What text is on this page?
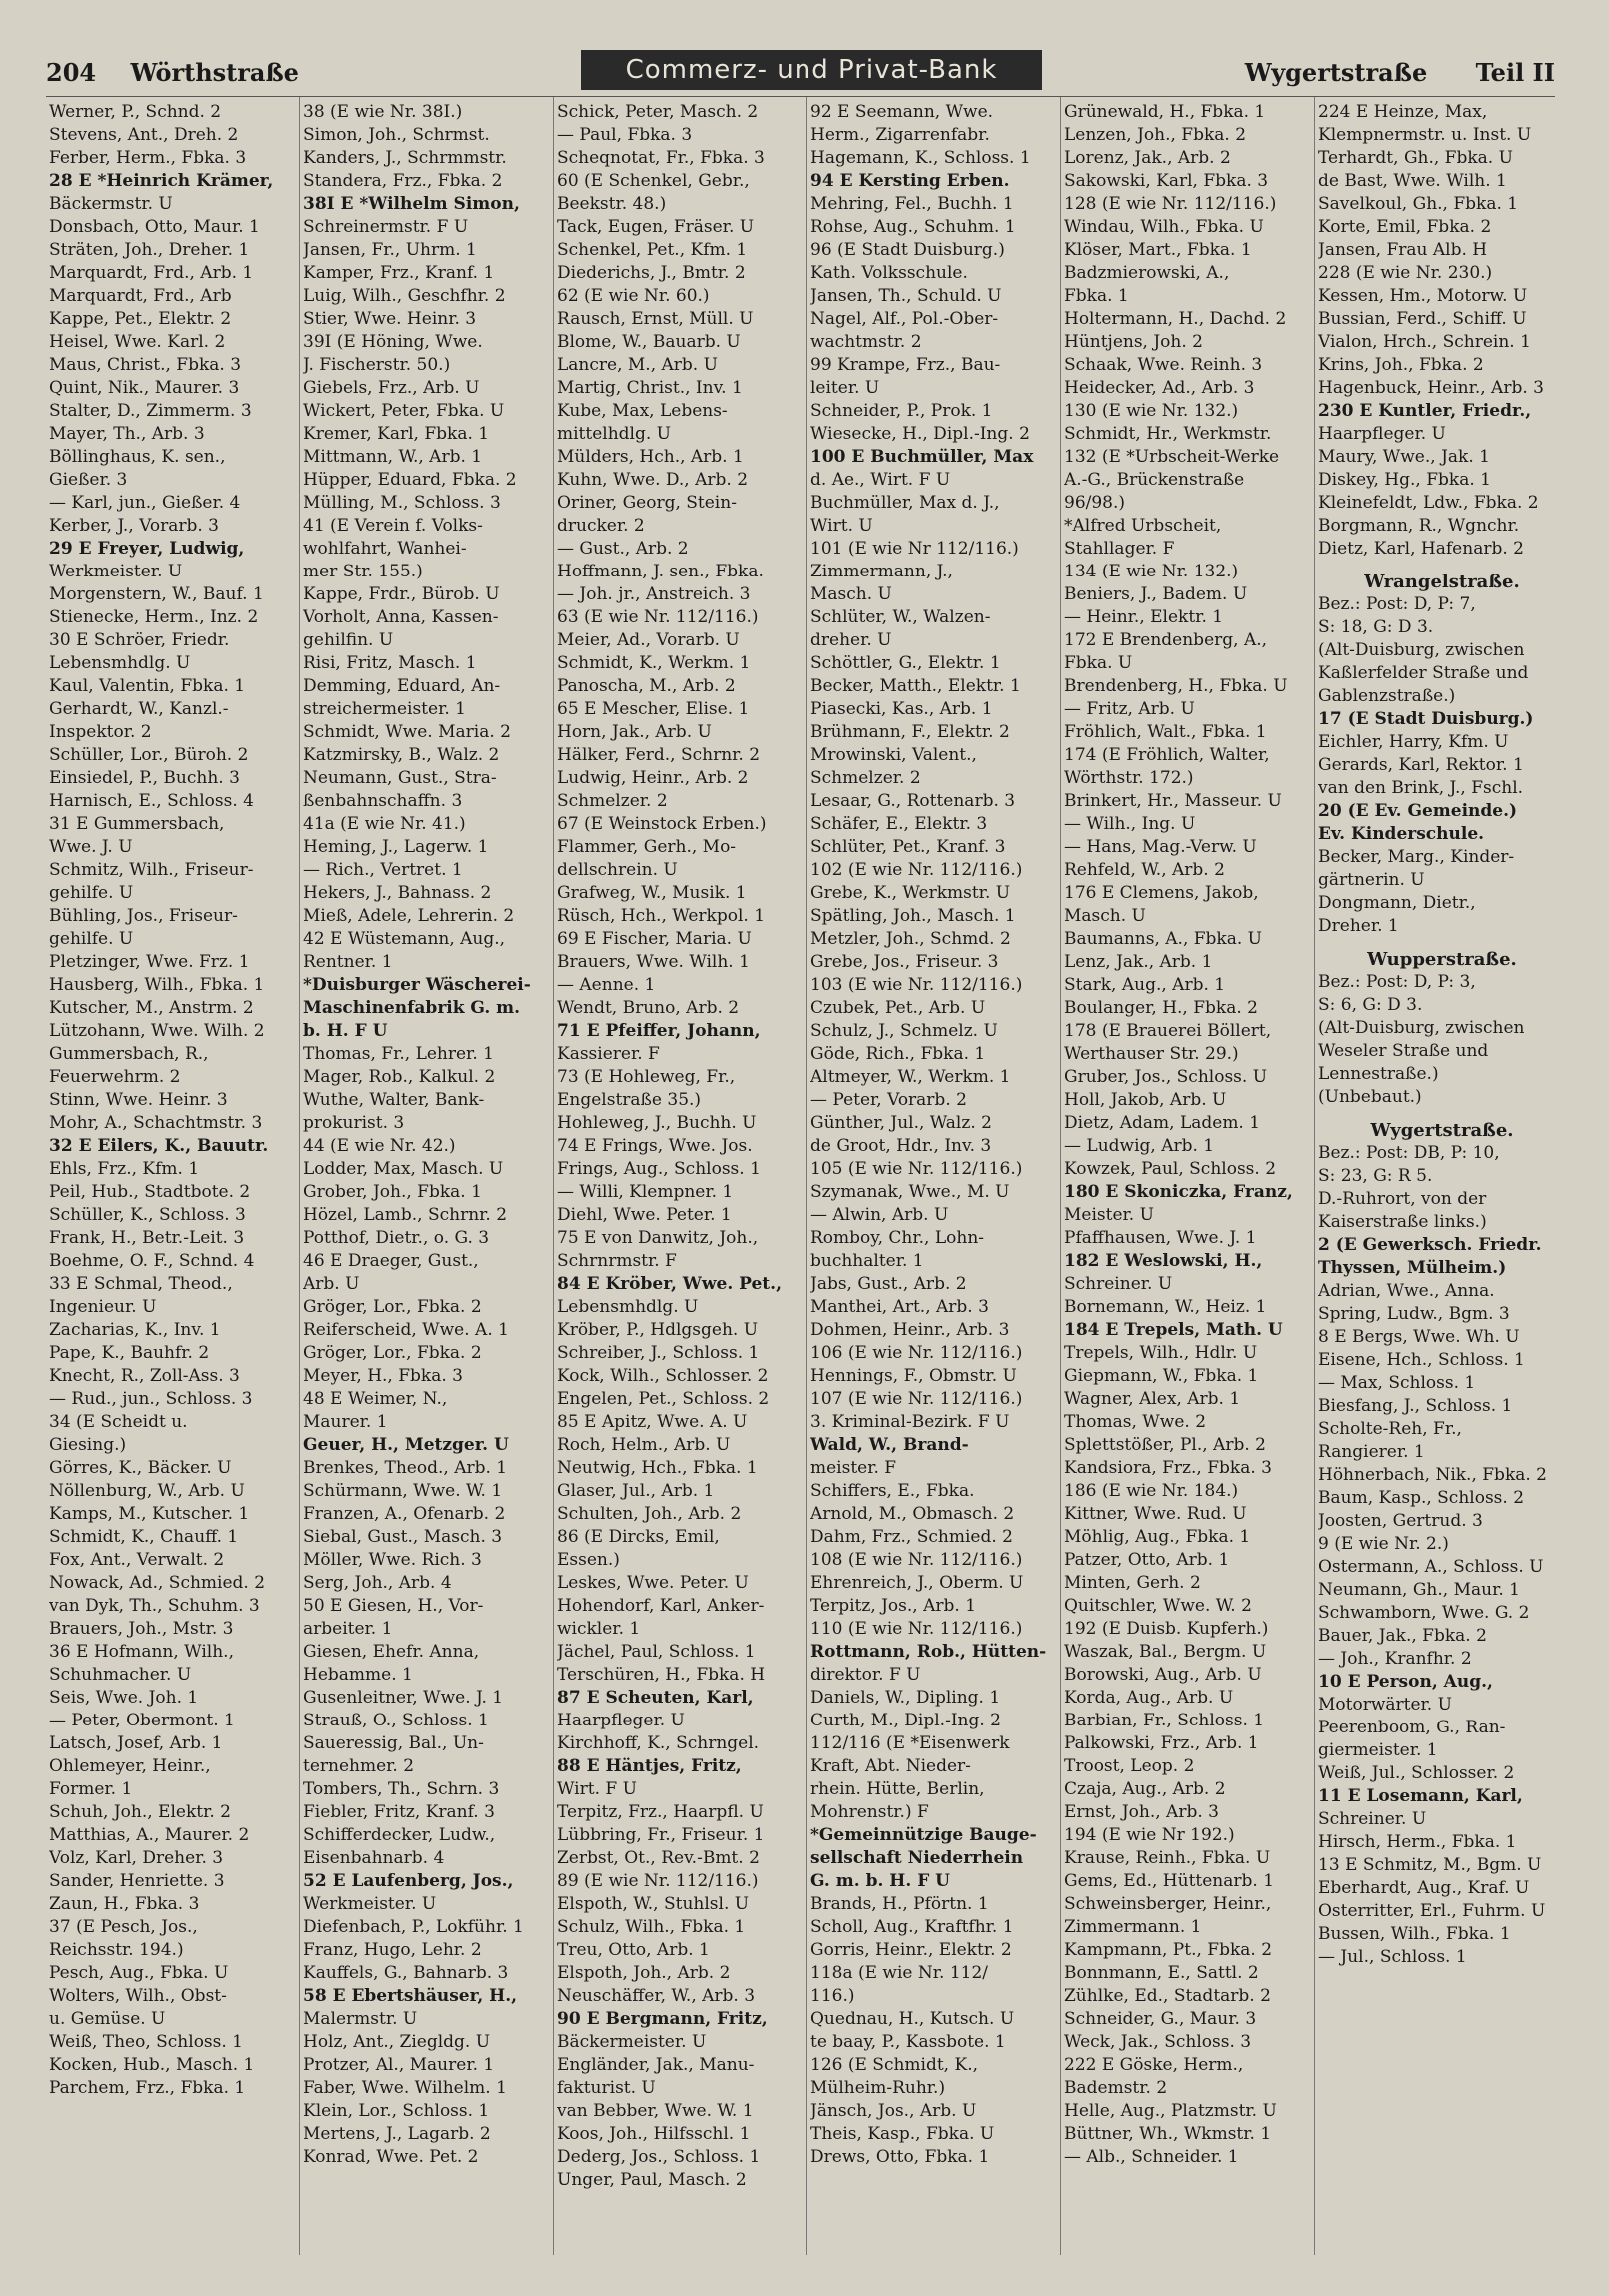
204 Wörthstraße	Commerz- und Privat-Bank	Wygertstraße Teil II
Werner, P., Schnd. 2
Stevens, Ant., Dreh. 2
Ferber, Herm., Fbka. 3
28 E *Heinrich Krämer,
Bäckermstr. U
Donsbach, Otto, Maur. 1
Sträten, Joh., Dreher. 1
Marquardt, Frd., Arb. 1
Marquardt, Frd., Arb
Kappe, Pet., Elektr. 2
Heisel, Wwe. Karl. 2
Maus, Christ., Fbka. 3
Quint, Nik., Maurer. 3
Stalter, D., Zimmerm. 3
Mayer, Th., Arb. 3
Böllinghaus, K. sen.,
Gießer. 3
— Karl, jun., Gießer. 4
Kerber, J., Vorarb. 3
29 E Freyer, Ludwig,
Werkmeister. U
Morgenstern, W., Bauf. 1
Stienecke, Herm., Inz. 2
30 E Schröer, Friedr.
Lebensmhdlg. U
Kaul, Valentin, Fbka. 1
Gerhardt, W., Kanzl.-
Inspektor. 2
Schüller, Lor., Büroh. 2
Einsiedel, P., Buchh. 3
Harnisch, E., Schloss. 4
31 E Gummersbach,
Wwe. J. U
Schmitz, Wilh., Friseur-
gehilfe. U
Bühling, Jos., Friseur-
gehilfe. U
Pletzinger, Wwe. Frz. 1
Hausberg, Wilh., Fbka. 1
Kutscher, M., Anstrm. 2
Lützohann, Wwe. Wilh. 2
Gummersbach, R.,
Feuerwehrm. 2
Stinn, Wwe. Heinr. 3
Mohr, A., Schachtmstr. 3
32 E Eilers, K., Bauutr.
Ehls, Frz., Kfm. 1
Peil, Hub., Stadtbote. 2
Schüller, K., Schloss. 3
Frank, H., Betr.-Leit. 3
Boehme, O. F., Schnd. 4
33 E Schmal, Theod.,
Ingenieur. U
Zacharias, K., Inv. 1
Pape, K., Bauhfr. 2
Knecht, R., Zoll-Ass. 3
— Rud., jun., Schloss. 3
34 (E Scheidt u.
Giesing.)
Görres, K., Bäcker. U
Nöllenburg, W., Arb. U
Kamps, M., Kutscher. 1
Schmidt, K., Chauff. 1
Fox, Ant., Verwalt. 2
Nowack, Ad., Schmied. 2
van Dyk, Th., Schuhm. 3
Brauers, Joh., Mstr. 3
36 E Hofmann, Wilh.,
Schuhmacher. U
Seis, Wwe. Joh. 1
— Peter, Obermont. 1
Latsch, Josef, Arb. 1
Ohlemeyer, Heinr.,
Former. 1
Schuh, Joh., Elektr. 2
Matthias, A., Maurer. 2
Volz, Karl, Dreher. 3
Sander, Henriette. 3
Zaun, H., Fbka. 3
37 (E Pesch, Jos.,
Reichsstr. 194.)
Pesch, Aug., Fbka. U
Wolters, Wilh., Obst-
u. Gemüse. U
Weiß, Theo, Schloss. 1
Kocken, Hub., Masch. 1
Parchem, Frz., Fbka. 1
38 (E wie Nr. 38I.)
Simon, Joh., Schrmst.
Kanders, J., Schrmmstr.
Standera, Frz., Fbka. 2
38I E *Wilhelm Simon,
Schreinermstr. F U
Jansen, Fr., Uhrm. 1
Kamper, Frz., Kranf. 1
Luig, Wilh., Geschfhr. 2
Stier, Wwe. Heinr. 3
39I (E Höning, Wwe.
J. Fischerstr. 50.)
Giebels, Frz., Arb. U
Wickert, Peter, Fbka. U
Kremer, Karl, Fbka. 1
Mittmann, W., Arb. 1
Hüpper, Eduard, Fbka. 2
Mülling, M., Schloss. 3
41 (E Verein f. Volks-
wohlfahrt, Wanhei-
mer Str. 155.)
Kappe, Frdr., Bürob. U
Vorholt, Anna, Kassen-
gehilfin. U
Risi, Fritz, Masch. 1
Demming, Eduard, An-
streichermeister. 1
Schmidt, Wwe. Maria. 2
Katzmirsky, B., Walz. 2
Neumann, Gust., Stra-
ßenbahnschaffn. 3
41a (E wie Nr. 41.)
Heming, J., Lagerw. 1
— Rich., Vertret. 1
Hekers, J., Bahnass. 2
Mieß, Adele, Lehrerin. 2
42 E Wüstemann, Aug.,
Rentner. 1
*Duisburger Wäscherei-
Maschinenfabrik G. m.
b. H. F U
Thomas, Fr., Lehrer. 1
Mager, Rob., Kalkul. 2
Wuthe, Walter, Bank-
prokurist. 3
44 (E wie Nr. 42.)
Lodder, Max, Masch. U
Grober, Joh., Fbka. 1
Hözel, Lamb., Schrnr. 2
Potthof, Dietr., o. G. 3
46 E Draeger, Gust.,
Arb. U
Gröger, Lor., Fbka. 2
Reiferscheid, Wwe. A. 1
Gröger, Lor., Fbka. 2
Meyer, H., Fbka. 3
48 E Weimer, N.,
Maurer. 1
Geuer, H., Metzger. U
Brenkes, Theod., Arb. 1
Schürmann, Wwe. W. 1
Franzen, A., Ofenarb. 2
Siebal, Gust., Masch. 3
Möller, Wwe. Rich. 3
Serg, Joh., Arb. 4
50 E Giesen, H., Vor-
arbeiter. 1
Giesen, Ehefr. Anna,
Hebamme. 1
Gusenleitner, Wwe. J. 1
Strauß, O., Schloss. 1
Saueressig, Bal., Un-
ternehmer. 2
Tombers, Th., Schrn. 3
Fiebler, Fritz, Kranf. 3
Schifferdecker, Ludw.,
Eisenbahnarb. 4
52 E Laufenberg, Jos.,
Werkmeister. U
Diefenbach, P., Lokführ. 1
Franz, Hugo, Lehr. 2
Kauffels, G., Bahnarb. 3
58 E Ebertshäuser, H.,
Malermstr. U
Holz, Ant., Ziegldg. U
Protzer, Al., Maurer. 1
Faber, Wwe. Wilhelm. 1
Klein, Lor., Schloss. 1
Mertens, J., Lagarb. 2
Konrad, Wwe. Pet. 2
Schick, Peter, Masch. 2
— Paul, Fbka. 3
Scheqnotat, Fr., Fbka. 3
60 (E Schenkel, Gebr.,
Beekstr. 48.)
Tack, Eugen, Fräser. U
Schenkel, Pet., Kfm. 1
Diederichs, J., Bmtr. 2
62 (E wie Nr. 60.)
Rausch, Ernst, Müll. U
Blome, W., Bauarb. U
Lancre, M., Arb. U
Martig, Christ., Inv. 1
Kube, Max, Lebens-
mittelhdlg. U
Mülders, Hch., Arb. 1
Kuhn, Wwe. D., Arb. 2
Oriner, Georg, Stein-
drucker. 2
— Gust., Arb. 2
Hoffmann, J. sen., Fbka.
— Joh. jr., Anstreich. 3
63 (E wie Nr. 112/116.)
Meier, Ad., Vorarb. U
Schmidt, K., Werkm. 1
Panoscha, M., Arb. 2
65 E Mescher, Elise. 1
Horn, Jak., Arb. U
Hälker, Ferd., Schrnr. 2
Ludwig, Heinr., Arb. 2
Schmelzer. 2
67 (E Weinstock Erben.)
Flammer, Gerh., Mo-
dellschrein. U
Grafweg, W., Musik. 1
Rüsch, Hch., Werkpol. 1
69 E Fischer, Maria. U
Brauers, Wwe. Wilh. 1
— Aenne. 1
Wendt, Bruno, Arb. 2
71 E Pfeiffer, Johann,
Kassierer. F
73 (E Hohleweg, Fr.,
Engelstraße 35.)
Hohleweg, J., Buchh. U
74 E Frings, Wwe. Jos.
Frings, Aug., Schloss. 1
— Willi, Klempner. 1
Diehl, Wwe. Peter. 1
75 E von Danwitz, Joh.,
Schrnrmstr. F
84 E Kröber, Wwe. Pet.,
Lebensmhdlg. U
Kröber, P., Hdlgsgeh. U
Schreiber, J., Schloss. 1
Kock, Wilh., Schlosser. 2
Engelen, Pet., Schloss. 2
85 E Apitz, Wwe. A. U
Roch, Helm., Arb. U
Neutwig, Hch., Fbka. 1
Glaser, Jul., Arb. 1
Schulten, Joh., Arb. 2
86 (E Dircks, Emil,
Essen.)
Leskes, Wwe. Peter. U
Hohendorf, Karl, Anker-
wickler. 1
Jächel, Paul, Schloss. 1
Terschüren, H., Fbka. H
87 E Scheuten, Karl,
Haarpfleger. U
Kirchhoff, K., Schrngel.
88 E Häntjes, Fritz,
Wirt. F U
Terpitz, Frz., Haarpfl. U
Lübbring, Fr., Friseur. 1
Zerbst, Ot., Rev.-Bmt. 2
89 (E wie Nr. 112/116.)
Elspoth, W., Stuhlsl. U
Schulz, Wilh., Fbka. 1
Treu, Otto, Arb. 1
Elspoth, Joh., Arb. 2
Neuschäffer, W., Arb. 3
90 E Bergmann, Fritz,
Bäckermeister. U
Engländer, Jak., Manu-
fakturist. U
van Bebber, Wwe. W. 1
Koos, Joh., Hilfsschl. 1
Dederg, Jos., Schloss. 1
Unger, Paul, Masch. 2
92 E Seemann, Wwe.
Herm., Zigarrenfabr.
Hagemann, K., Schloss. 1
94 E Kersting Erben.
Mehring, Fel., Buchh. 1
Rohse, Aug., Schuhm. 1
96 (E Stadt Duisburg.)
Kath. Volksschule.
Jansen, Th., Schuld. U
Nagel, Alf., Pol.-Ober-
wachtmstr. 2
99 Krampe, Frz., Bau-
leiter. U
Schneider, P., Prok. 1
Wiesecke, H., Dipl.-Ing. 2
100 E Buchmüller, Max
d. Ae., Wirt. F U
Buchmüller, Max d. J.,
Wirt. U
101 (E wie Nr 112/116.)
Zimmermann, J.,
Masch. U
Schlüter, W., Walzen-
dreher. U
Schöttler, G., Elektr. 1
Becker, Matth., Elektr. 1
Piasecki, Kas., Arb. 1
Brühmann, F., Elektr. 2
Mrowinski, Valent.,
Schmelzer. 2
Lesaar, G., Rottenarb. 3
Schäfer, E., Elektr. 3
Schlüter, Pet., Kranf. 3
102 (E wie Nr. 112/116.)
Grebe, K., Werkmstr. U
Spätling, Joh., Masch. 1
Metzler, Joh., Schmd. 2
Grebe, Jos., Friseur. 3
103 (E wie Nr. 112/116.)
Czubek, Pet., Arb. U
Schulz, J., Schmelz. U
Göde, Rich., Fbka. 1
Altmeyer, W., Werkm. 1
— Peter, Vorarb. 2
Günther, Jul., Walz. 2
de Groot, Hdr., Inv. 3
105 (E wie Nr. 112/116.)
Szymanak, Wwe., M. U
— Alwin, Arb. U
Romboy, Chr., Lohn-
buchhalter. 1
Jabs, Gust., Arb. 2
Manthei, Art., Arb. 3
Dohmen, Heinr., Arb. 3
106 (E wie Nr. 112/116.)
Hennings, F., Obmstr. U
107 (E wie Nr. 112/116.)
3. Kriminal-Bezirk. F U
Wald, W., Brand-
meister. F
Schiffers, E., Fbka.
Arnold, M., Obmasch. 2
Dahm, Frz., Schmied. 2
108 (E wie Nr. 112/116.)
Ehrenreich, J., Oberm. U
Terpitz, Jos., Arb. 1
110 (E wie Nr. 112/116.)
Rottmann, Rob., Hütten-
direktor. F U
Daniels, W., Dipling. 1
Curth, M., Dipl.-Ing. 2
112/116 (E *Eisenwerk
Kraft, Abt. Nieder-
rhein. Hütte, Berlin,
Mohrenstr.) F
*Gemeinnützige Bauge-
sellschaft Niederrhein
G. m. b. H. F U
Brands, H., Pförtn. 1
Scholl, Aug., Kraftfhr. 1
Gorris, Heinr., Elektr. 2
118a (E wie Nr. 112/
116.)
Quednau, H., Kutsch. U
te baay, P., Kassbote. 1
126 (E Schmidt, K.,
Mülheim-Ruhr.)
Jänsch, Jos., Arb. U
Theis, Kasp., Fbka. U
Drews, Otto, Fbka. 1
Grünewald, H., Fbka. 1
Lenzen, Joh., Fbka. 2
Lorenz, Jak., Arb. 2
Sakowski, Karl, Fbka. 3
128 (E wie Nr. 112/116.)
Windau, Wilh., Fbka. U
Klöser, Mart., Fbka. 1
Badzmierowski, A.,
Fbka. 1
Holtermann, H., Dachd. 2
Hüntjens, Joh. 2
Schaak, Wwe. Reinh. 3
Heidecker, Ad., Arb. 3
130 (E wie Nr. 132.)
Schmidt, Hr., Werkmstr.
132 (E *Urbscheit-Werke
A.-G., Brückenstraße
96/98.)
*Alfred Urbscheit,
Stahllager. F
134 (E wie Nr. 132.)
Beniers, J., Badem. U
— Heinr., Elektr. 1
172 E Brendenberg, A.,
Fbka. U
Brendenberg, H., Fbka. U
— Fritz, Arb. U
Fröhlich, Walt., Fbka. 1
174 (E Fröhlich, Walter,
Wörthstr. 172.)
Brinkert, Hr., Masseur. U
— Wilh., Ing. U
— Hans, Mag.-Verw. U
Rehfeld, W., Arb. 2
176 E Clemens, Jakob,
Masch. U
Baumanns, A., Fbka. U
Lenz, Jak., Arb. 1
Stark, Aug., Arb. 1
Boulanger, H., Fbka. 2
178 (E Brauerei Böllert,
Werthauser Str. 29.)
Gruber, Jos., Schloss. U
Holl, Jakob, Arb. U
Dietz, Adam, Ladem. 1
— Ludwig, Arb. 1
Kowzek, Paul, Schloss. 2
180 E Skoniczka, Franz,
Meister. U
Pfaffhausen, Wwe. J. 1
182 E Weslowski, H.,
Schreiner. U
Bornemann, W., Heiz. 1
184 E Trepels, Math. U
Trepels, Wilh., Hdlr. U
Giepmann, W., Fbka. 1
Wagner, Alex, Arb. 1
Thomas, Wwe. 2
Splettstößer, Pl., Arb. 2
Kandsiora, Frz., Fbka. 3
186 (E wie Nr. 184.)
Kittner, Wwe. Rud. U
Möhlig, Aug., Fbka. 1
Patzer, Otto, Arb. 1
Minten, Gerh. 2
Quitschler, Wwe. W. 2
192 (E Duisb. Kupferh.)
Waszak, Bal., Bergm. U
Borowski, Aug., Arb. U
Korda, Aug., Arb. U
Barbian, Fr., Schloss. 1
Palkowski, Frz., Arb. 1
Troost, Leop. 2
Czaja, Aug., Arb. 2
Ernst, Joh., Arb. 3
194 (E wie Nr 192.)
Krause, Reinh., Fbka. U
Gems, Ed., Hüttenarb. 1
Schweinsberger, Heinr.,
Zimmermann. 1
Kampmann, Pt., Fbka. 2
Bonnmann, E., Sattl. 2
Zühlke, Ed., Stadtarb. 2
Schneider, G., Maur. 3
Weck, Jak., Schloss. 3
222 E Göske, Herm.,
Bademstr. 2
Helle, Aug., Platzmstr. U
Büttner, Wh., Wkmstr. 1
— Alb., Schneider. 1
224 E Heinze, Max,
Klempnermstr. u. Inst. U
Terhardt, Gh., Fbka. U
de Bast, Wwe. Wilh. 1
Savelkoul, Gh., Fbka. 1
Korte, Emil, Fbka. 2
Jansen, Frau Alb. H
228 (E wie Nr. 230.)
Kessen, Hm., Motorw. U
Bussian, Ferd., Schiff. U
Vialon, Hrch., Schrein. 1
Krins, Joh., Fbka. 2
Hagenbuck, Heinr., Arb. 3
230 E Kuntler, Friedr.,
Haarpfleger. U
Maury, Wwe., Jak. 1
Diskey, Hg., Fbka. 1
Kleinefeldt, Ldw., Fbka. 2
Borgmann, R., Wgnchr.
Dietz, Karl, Hafenarb. 2
Wrangelstraße.
Bez.: Post: D, P: 7,
S: 18, G: D 3.
(Alt-Duisburg, zwischen
Kaßlerfelder Straße und
Gablenzstraße.)
17 (E Stadt Duisburg.)
Eichler, Harry, Kfm. U
Gerards, Karl, Rektor. 1
van den Brink, J., Fschl.
20 (E Ev. Gemeinde.)
Ev. Kinderschule.
Becker, Marg., Kinder-
gärtnerin. U
Dongmann, Dietr.,
Dreher. 1
Wupperstraße.
Bez.: Post: D, P: 3,
S: 6, G: D 3.
(Alt-Duisburg, zwischen
Weseler Straße und
Lennestraße.)
(Unbebaut.)
Wygertstraße.
Bez.: Post: DB, P: 10,
S: 23, G: R 5.
D.-Ruhrort, von der
Kaiserstraße links.)
2 (E Gewerksch. Friedr.
Thyssen, Mülheim.)
Adrian, Wwe., Anna.
Spring, Ludw., Bgm. 3
8 E Bergs, Wwe. Wh. U
Eisene, Hch., Schloss. 1
— Max, Schloss. 1
Biesfang, J., Schloss. 1
Scholte-Reh, Fr.,
Rangierer. 1
Höhnerbach, Nik., Fbka. 2
Baum, Kasp., Schloss. 2
Joosten, Gertrud. 3
9 (E wie Nr. 2.)
Ostermann, A., Schloss. U
Neumann, Gh., Maur. 1
Schwamborn, Wwe. G. 2
Bauer, Jak., Fbka. 2
— Joh., Kranfhr. 2
10 E Person, Aug.,
Motorwärter. U
Peerenboom, G., Ran-
giermeister. 1
Weiß, Jul., Schlosser. 2
11 E Losemann, Karl,
Schreiner. U
Hirsch, Herm., Fbka. 1
13 E Schmitz, M., Bgm. U
Eberhardt, Aug., Kraf. U
Osterritter, Erl., Fuhrm. U
Bussen, Wilh., Fbka. 1
— Jul., Schloss. 1
